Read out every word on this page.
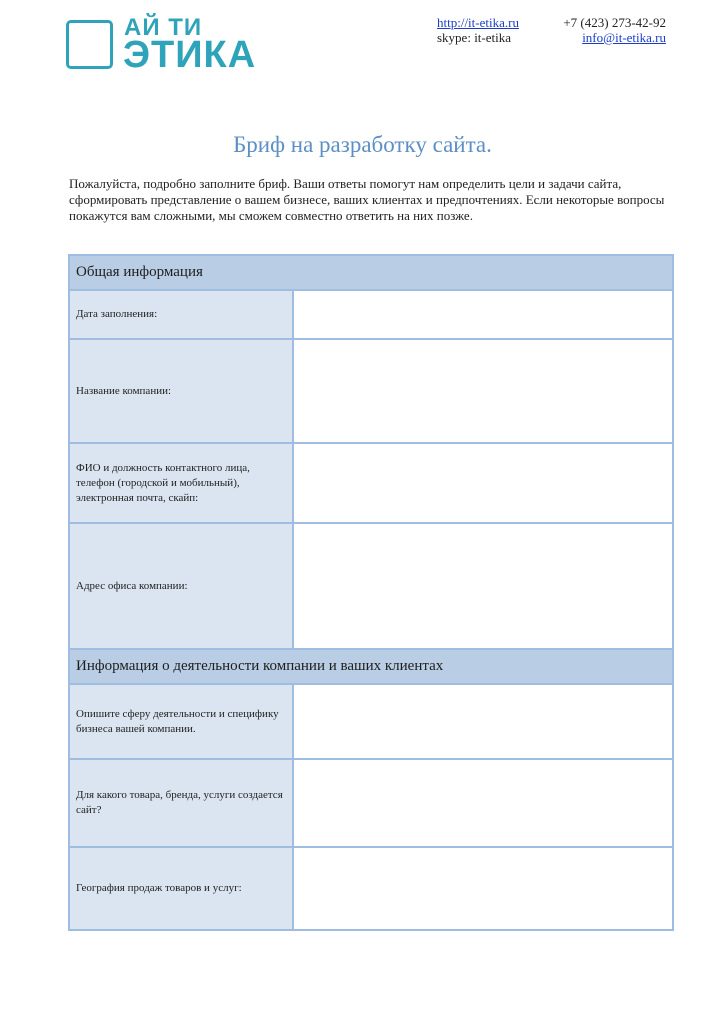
АЙ ТИ
ЭТИКА
http://it-etika.ru
skype: it-etika
+7 (423) 273-42-92
info@it-etika.ru
Бриф на разработку сайта.
Пожалуйста, подробно заполните бриф. Ваши ответы помогут нам определить цели и задачи сайта, сформировать представление о вашем бизнесе, ваших клиентах и предпочтениях. Если некоторые вопросы покажутся вам сложными, мы сможем совместно ответить на них позже.
Общая информация	
Дата заполнения:	
Название компании:	
ФИО и должность контактного лица, телефон (городской и мобильный), электронная почта, скайп:	
Адрес офиса компании:	
Информация о деятельности компании и ваших клиентах	
Опишите сферу деятельности и специфику бизнеса вашей компании.	
Для какого товара, бренда, услуги создается сайт?	
География продаж товаров и услуг:	
